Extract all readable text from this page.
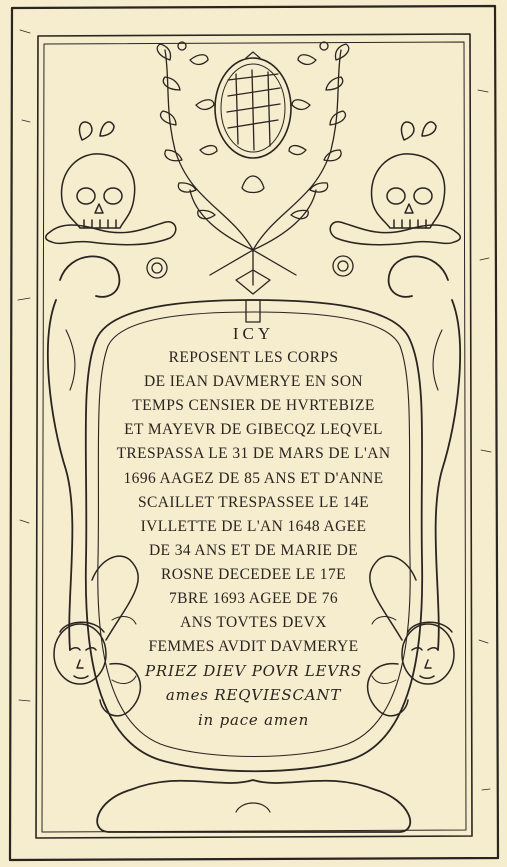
ICY
REPOSENT LES CORPS
DE IEAN DAVMERYE EN SON
TEMPS CENSIER DE HVRTEBIZE
ET MAYEVR DE GIBECQZ LEQVEL
TRESPASSA LE 31 DE MARS DE L'AN
1696 AAGEZ DE 85 ANS ET D'ANNE
SCAILLET TRESPASSEE LE 14E
IVLLETTE DE L'AN 1648 AGEE
DE 34 ANS ET DE MARIE DE
ROSNE DECEDEE LE 17E
7BRE 1693 AGEE DE 76
ANS TOVTES DEVX
FEMMES AVDIT DAVMERYE
PRIEZ DIEV POVR LEVRS
ames REQVIESCANT
in pace amen
